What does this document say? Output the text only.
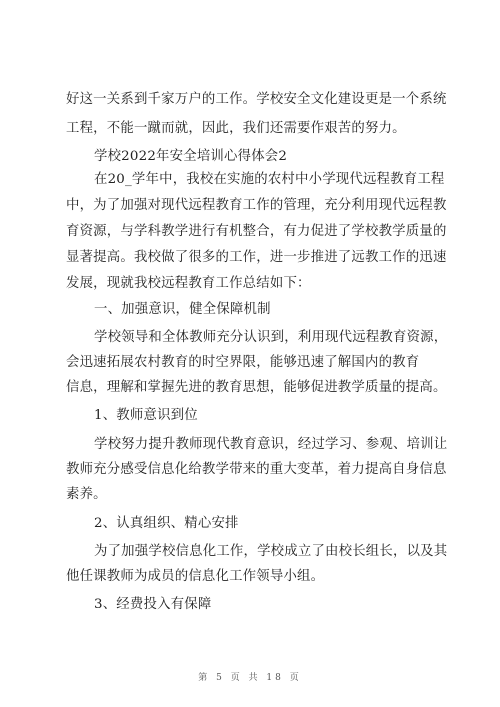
好这一关系到千家万户的工作。学校安全文化建设更是一个系统
工程，不能一蹴而就，因此，我们还需要作艰苦的努力。
学校2022年安全培训心得体会2
在20_学年中，我校在实施的农村中小学现代远程教育工程
中，为了加强对现代远程教育工作的管理，充分利用现代远程教
育资源，与学科教学进行有机整合，有力促进了学校教学质量的
显著提高。我校做了很多的工作，进一步推进了远教工作的迅速
发展，现就我校远程教育工作总结如下：
一、加强意识，健全保障机制
学校领导和全体教师充分认识到，利用现代远程教育资源，
会迅速拓展农村教育的时空界限，能够迅速了解国内的教育
信息，理解和掌握先进的教育思想，能够促进教学质量的提高。
1、教师意识到位
学校努力提升教师现代教育意识，经过学习、参观、培训让
教师充分感受信息化给教学带来的重大变革，着力提高自身信息
素养。
2、认真组织、精心安排
为了加强学校信息化工作，学校成立了由校长组长，以及其
他任课教师为成员的信息化工作领导小组。
3、经费投入有保障
第 5 页 共 18 页
